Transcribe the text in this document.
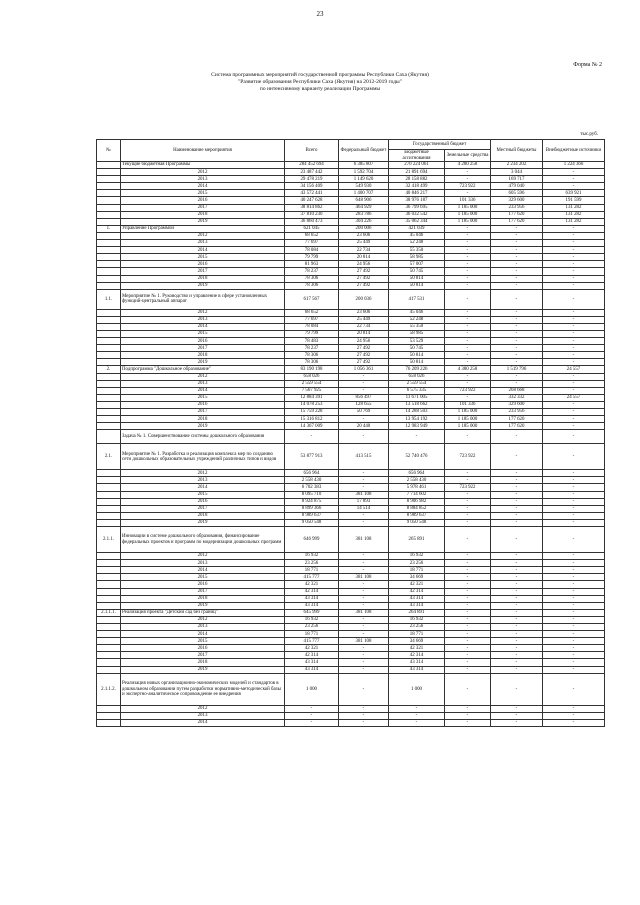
23
Форма № 2
Система программных мероприятий государственной программы Республики Саха (Якутия)
"Развитие образования Республики Саха (Якутия) на 2012-2019 годы"
по интенсивному варианту реализации Программы
тыс.руб.
№	Наименование мероприятия	Всего	Федеральный бюджет	Государственный бюджет		Местный бюджеты	Внебюджетные источники
				Бюджетные ассигнования	Земельные средства		
	Текущие бюджетная Программы	284 452 694	6 385 807	270 224 061	4 280 258	2 234 202	1 224 366
	2012	23 487 442	1 592 704	21 891 694	-	3 044	-
	2013	29 478 219	1 149 620	28 158 882	-	169 717	-
	2014	34 156 409	549 930	32 418 499	723 922	479 040	-
	2015	43 572 441	1 400 707	40 846 217	-	605 596	639 921
	2016	40 247 628	648 906	38 976 187	101 336	329 600	191 599
	2017	38 814 862	464 929	36 799 695	1 185 000	233 956	131 282
	2018	37 810 230	283 786	36 032 542	1 185 000	177 620	131 282
	2019	36 860 473	304 226	35 062 344	1 185 000	177 620	131 282
1.	Управление Программой	621 045	200 006	421 039	-	-	-
	2012	68 652	23 606	45 046	-	-	-
	2013	77 697	25 449	52 248	-	-	-
	2014	78 084	22 734	55 350	-	-	-
	2015	79 799	20 814	58 985	-	-	-
	2016	81 963	24 956	57 007	-	-	-
	2017	78 237	27 492	50 745	-	-	-
	2018	78 306	27 492	50 814	-	-	-
	2019	78 306	27 492	50 814	-	-	-
1.1.	Мероприятие № 1. Руководство и управление в сфере установленных функций-центральный аппарат	617 567	200 036	417 531	-	-	-
	2012	68 652	23 606	45 046	-	-	-
	2013	77 697	25 449	52 248	-	-	-
	2014	78 084	22 734	55 350	-	-	-
	2015	79 799	20 814	58 985	-	-	-
	2016	78 483	24 956	53 529	-	-	-
	2017	78 237	27 492	50 745	-	-	-
	2018	78 306	27 492	50 814	-	-	-
	2019	78 306	27 492	50 814	-	-	-
2.	Подпрограмма "Дошкольное образование"	83 190 198	1 056 361	76 209 226	4 380 258	1 519 796	24 557
	2012	658 026	-	658 026	-	-	-
	2013	2 559 554	-	2 559 554	-	-	-
	2014	7 567 925	-	6 575 335	723 922	268 668	-
	2015	12 884 391	856 497	11 671 005	-	332 332	24 557
	2016	14 078 253	128 655	13 518 662	101 336	329 600	-
	2017	15 759 228	50 769	14 288 503	1 185 000	233 956	-
	2018	15 316 812	-	13 954 192	1 185 000	177 620	-
	2019	14 367 009	20 440	12 983 949	1 185 000	177 620	-
	Задача № 1. Совершенствование системы дошкольного образования	-	-	-	-	-	-
2.1.	Мероприятие № 1. Разработка и реализация комплекса мер по созданию сети дошкольных образовательных учреждений различных типов и видов	53 877 913	413 515	52 740 476	723 922	-	-
	2012	656 964	-	656 964	-	-	-
	2013	2 558 430	-	2 558 430	-	-	-
	2014	6 702 383	-	5 978 461	723 922	-	-
	2015	8 095 710	381 108	7 714 602	-	-	-
	2016	8 924 875	17 893	8 906 982	-	-	-
	2017	8 899 366	14 514	8 884 852	-	-	-
	2018	8 989 637	-	8 989 637	-	-	-
	2019	9 050 548	-	9 050 548	-	-	-
2.1.1.	Инновации в системе дошкольного образования, финансирование федеральных проектов и программ по модернизации дошкольных программ	646 999	381 108	265 891	-	-	-
	2012	16 932	-	16 932	-	-	-
	2013	23 256	-	23 256	-	-	-
	2014	18 771	-	18 771	-	-	-
	2015	415 777	381 108	34 669	-	-	-
	2016	42 321	-	42 321	-	-	-
	2017	42 314	-	42 314	-	-	-
	2018	43 314	-	43 314	-	-	-
	2019	43 314	-	43 314	-	-	-
2.1.1.1.	Реализация проекта "Детский сад без границ"	645 999	381 108	264 891	-	-	-
	2012	16 932	-	16 932	-	-	-
	2013	23 256	-	23 256	-	-	-
	2014	18 771	-	18 771	-	-	-
	2015	415 777	381 108	34 669	-	-	-
	2016	42 321	-	42 321	-	-	-
	2017	42 314	-	42 314	-	-	-
	2018	43 314	-	43 314	-	-	-
	2019	43 314	-	43 314	-	-	-
2.1.1.2.	Реализация новых организационно-экономических моделей и стандартов в дошкольном образовании путем разработки нормативно-методической базы и экспертно-аналитическое сопровождение ее внедрения	1 000	-	1 000	-	-	-
	2012	-	-	-	-	-	-
	2013	-	-	-	-	-	-
	2014	-	-	-	-	-	-
